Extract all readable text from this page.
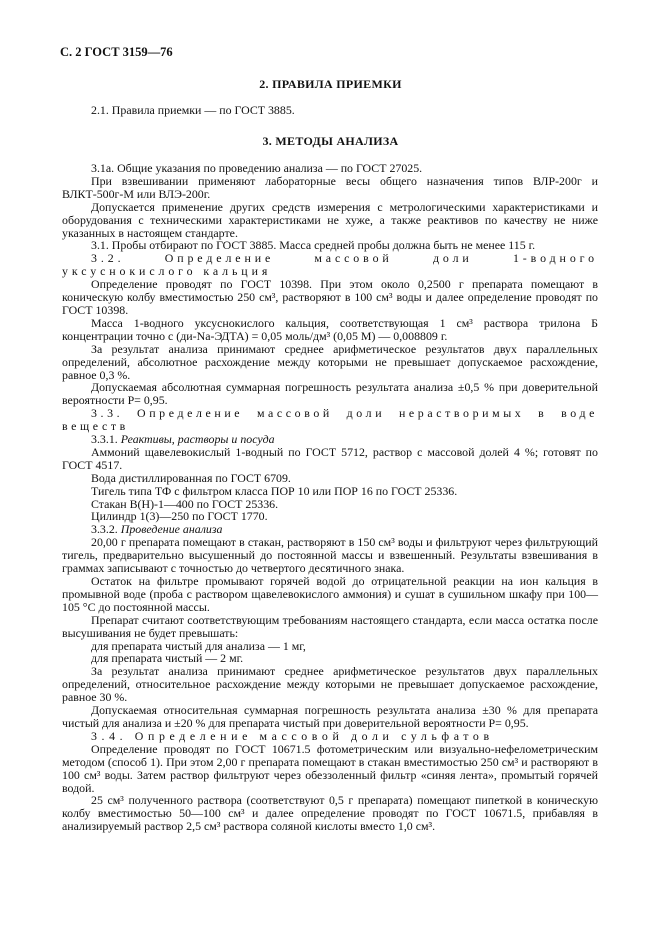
С. 2 ГОСТ 3159—76
2. ПРАВИЛА ПРИЕМКИ

2.1. Правила приемки — по ГОСТ 3885.

3. МЕТОДЫ АНАЛИЗА

3.1а. Общие указания по проведению анализа — по ГОСТ 27025.

При взвешивании применяют лабораторные весы общего назначения типов ВЛР-200г и ВЛКТ-500г-М или ВЛЭ-200г.

Допускается применение других средств измерения с метрологическими характеристиками и оборудования с техническими характеристиками не хуже, а также реактивов по качеству не ниже указанных в настоящем стандарте.

3.1. Пробы отбирают по ГОСТ 3885. Масса средней пробы должна быть не менее 115 г.

3.2. Определение массовой доли 1-водного уксуснокислого кальция

Определение проводят по ГОСТ 10398. При этом около 0,2500 г препарата помещают в коническую колбу вместимостью 250 см³, растворяют в 100 см³ воды и далее определение проводят по ГОСТ 10398.

Масса 1-водного уксуснокислого кальция, соответствующая 1 см³ раствора трилона Б концентрации точно c (ди-Na-ЭДТА) = 0,05 моль/дм³ (0,05 М) — 0,008809 г.

За результат анализа принимают среднее арифметическое результатов двух параллельных определений, абсолютное расхождение между которыми не превышает допускаемое расхождение, равное 0,3 %.

Допускаемая абсолютная суммарная погрешность результата анализа ±0,5 % при доверительной вероятности P= 0,95.

3.3. Определение массовой доли нерастворимых в воде веществ

3.3.1. Реактивы, растворы и посуда

Аммоний щавелевокислый 1-водный по ГОСТ 5712, раствор с массовой долей 4 %; готовят по ГОСТ 4517.

Вода дистиллированная по ГОСТ 6709.

Тигель типа ТФ с фильтром класса ПОР 10 или ПОР 16 по ГОСТ 25336.

Стакан В(Н)-1—400 по ГОСТ 25336.

Цилиндр 1(3)—250 по ГОСТ 1770.

3.3.2. Проведение анализа

20,00 г препарата помещают в стакан, растворяют в 150 см³ воды и фильтруют через фильтрующий тигель, предварительно высушенный до постоянной массы и взвешенный. Результаты взвешивания в граммах записывают с точностью до четвертого десятичного знака.

Остаток на фильтре промывают горячей водой до отрицательной реакции на ион кальция в промывной воде (проба с раствором щавелевокислого аммония) и сушат в сушильном шкафу при 100—105 °С до постоянной массы.

Препарат считают соответствующим требованиям настоящего стандарта, если масса остатка после высушивания не будет превышать:

для препарата чистый для анализа — 1 мг,

для препарата чистый — 2 мг.

За результат анализа принимают среднее арифметическое результатов двух параллельных определений, относительное расхождение между которыми не превышает допускаемое расхождение, равное 30 %.

Допускаемая относительная суммарная погрешность результата анализа ±30 % для препарата чистый для анализа и ±20 % для препарата чистый при доверительной вероятности P= 0,95.

3.4. Определение массовой доли сульфатов

Определение проводят по ГОСТ 10671.5 фотометрическим или визуально-нефелометрическим методом (способ 1). При этом 2,00 г препарата помещают в стакан вместимостью 250 см³ и растворяют в 100 см³ воды. Затем раствор фильтруют через обеззоленный фильтр «синяя лента», промытый горячей водой.

25 см³ полученного раствора (соответствуют 0,5 г препарата) помещают пипеткой в коническую колбу вместимостью 50—100 см³ и далее определение проводят по ГОСТ 10671.5, прибавляя в анализируемый раствор 2,5 см³ раствора соляной кислоты вместо 1,0 см³.
